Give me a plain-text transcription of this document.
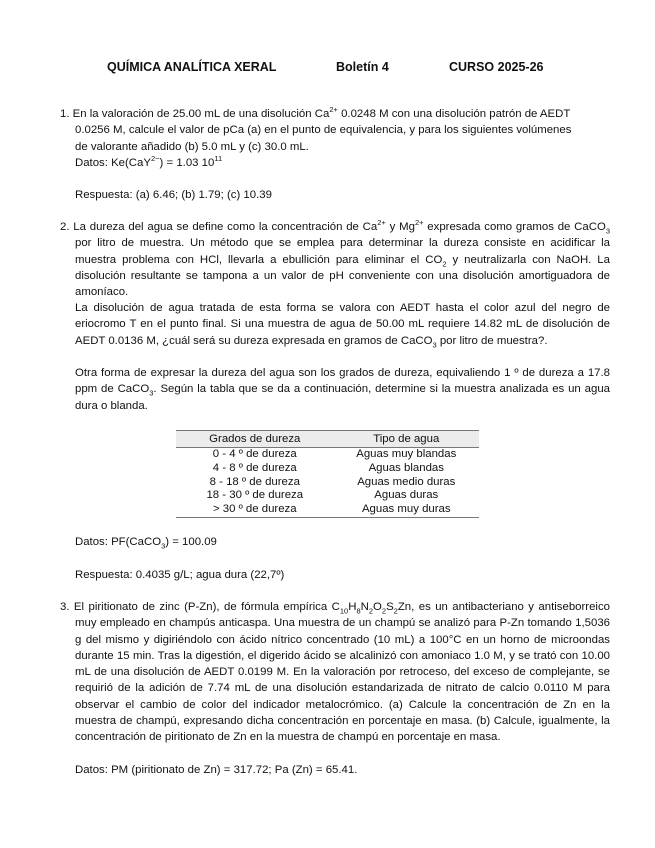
QUÍMICA ANALÍTICA XERAL	Boletín 4	CURSO 2025-26
1. En la valoración de 25.00 mL de una disolución $Ca^{2+}$ 0.0248 M con una disolución patrón de AEDT
0.0256 M, calcule el valor de pCa (a) en el punto de equivalencia, y para los siguientes volúmenes
de valorante añadido (b) 5.0 mL y (c) 30.0 mL.
Datos: Ke(CaY$^{2-}$) = 1.03 $10^{11}$
Respuesta: (a) 6.46; (b) 1.79; (c) 10.39
2. La dureza del agua se define como la concentración de $Ca^{2+}$ y $Mg^{2+}$ expresada como gramos de CaCO$_3$ por litro de muestra. Un método que se emplea para determinar la dureza consiste en acidificar la muestra problema con HCl, llevarla a ebullición para eliminar el $CO_2$ y neutralizarla con NaOH. La disolución resultante se tampona a un valor de pH conveniente con una disolución amortiguadora de amoníaco.
La disolución de agua tratada de esta forma se valora con AEDT hasta el color azul del negro de eriocromo T en el punto final. Si una muestra de agua de 50.00 mL requiere 14.82 mL de disolución de AEDT 0.0136 M, ¿cuál será su dureza expresada en gramos de CaCO$_3$ por litro de muestra?.
Otra forma de expresar la dureza del agua son los grados de dureza, equivaliendo 1 º de dureza a 17.8 ppm de CaCO$_3$. Según la tabla que se da a continuación, determine si la muestra analizada es un agua dura o blanda.
Grados de dureza	Tipo de agua
0 - 4 º de dureza	Aguas muy blandas
4 - 8 º de dureza	Aguas blandas
8 - 18 º de dureza	Aguas medio duras
18 - 30 º de dureza	Aguas duras
> 30 º de dureza	Aguas muy duras
Datos: PF(CaCO$_3$) = 100.09
Respuesta: 0.4035 g/L; agua dura (22,7º)
3. El piritionato de zinc (P-Zn), de fórmula empírica $C_{10}H_8N_2O_2S_2Zn$, es un antibacteriano y antiseborreico muy empleado en champús anticaspa. Una muestra de un champú se analizó para P-Zn tomando 1,5036 g del mismo y digiriéndolo con ácido nítrico concentrado (10 mL) a 100°C en un horno de microondas durante 15 min. Tras la digestión, el digerido ácido se alcalinizó con amoniaco 1.0 M, y se trató con 10.00 mL de una disolución de AEDT 0.0199 M. En la valoración por retroceso, del exceso de complejante, se requirió de la adición de 7.74 mL de una disolución estandarizada de nitrato de calcio 0.0110 M para observar el cambio de color del indicador metalocrómico. (a) Calcule la concentración de Zn en la muestra de champú, expresando dicha concentración en porcentaje en masa. (b) Calcule, igualmente, la concentración de piritionato de Zn en la muestra de champú en porcentaje en masa.
Datos: PM (piritionato de Zn) = 317.72; Pa (Zn) = 65.41.
